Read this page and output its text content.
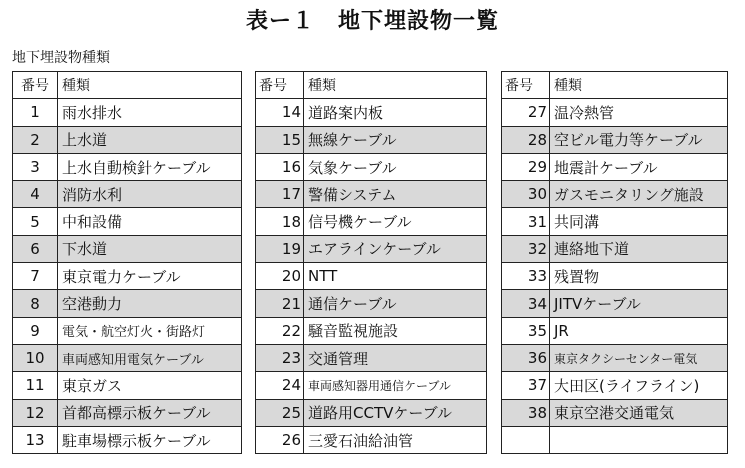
表ー１　地下埋設物一覧
地下埋設物種類
番号	種類
1	雨水排水
2	上水道
3	上水自動検針ケーブル
4	消防水利
5	中和設備
6	下水道
7	東京電力ケーブル
8	空港動力
9	電気・航空灯火・街路灯
10	車両感知用電気ケーブル
11	東京ガス
12	首都高標示板ケーブル
13	駐車場標示板ケーブル
番号	種類
14	道路案内板
15	無線ケーブル
16	気象ケーブル
17	警備システム
18	信号機ケーブル
19	エアラインケーブル
20	NTT
21	通信ケーブル
22	騒音監視施設
23	交通管理
24	車両感知器用通信ケーブル
25	道路用CCTVケーブル
26	三愛石油給油管
番号	種類
27	温冷熱管
28	空ビル電力等ケーブル
29	地震計ケーブル
30	ガスモニタリング施設
31	共同溝
32	連絡地下道
33	残置物
34	JITVケーブル
35	JR
36	東京タクシーセンター電気
37	大田区(ライフライン)
38	東京空港交通電気
